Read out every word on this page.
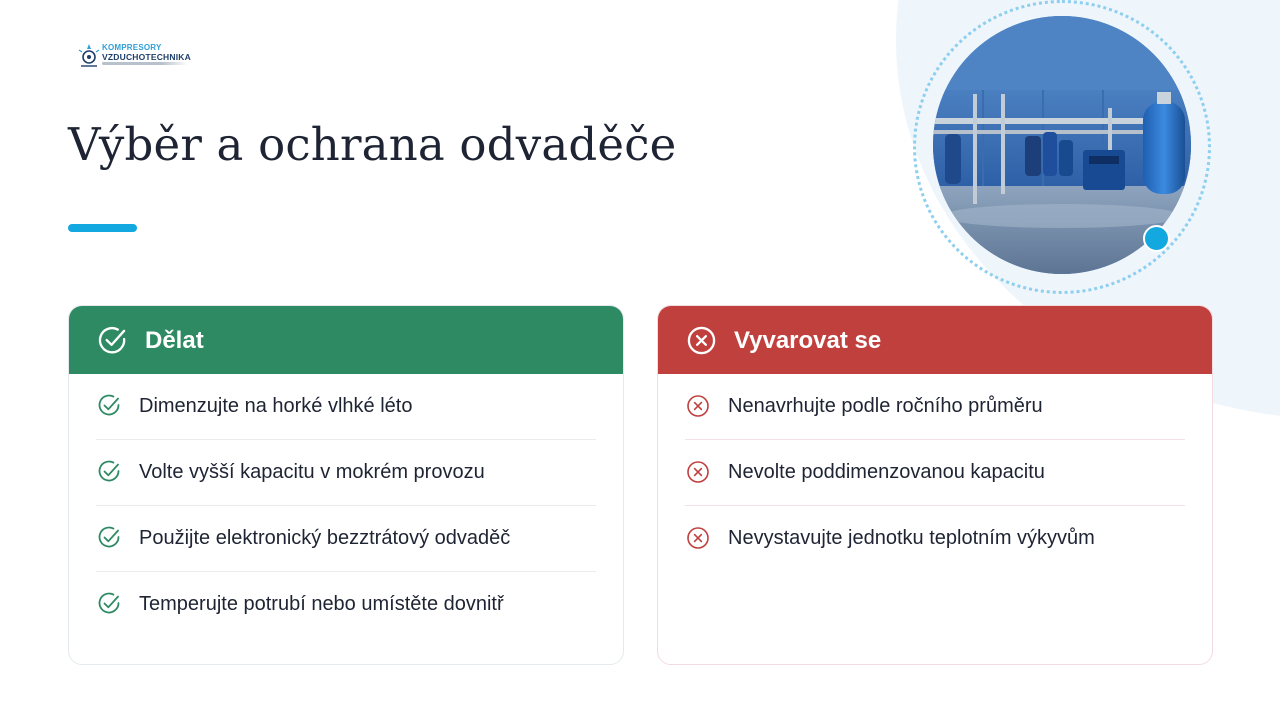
KOMPRESORY
VZDUCHOTECHNIKA
Výběr a ochrana odvaděče
Dělat
Dimenzujte na horké vlhké léto
Volte vyšší kapacitu v mokrém provozu
Použijte elektronický bezztrátový odvaděč
Temperujte potrubí nebo umístěte dovnitř
Vyvarovat se
Nenavrhujte podle ročního průměru
Nevolte poddimenzovanou kapacitu
Nevystavujte jednotku teplotním výkyvům
